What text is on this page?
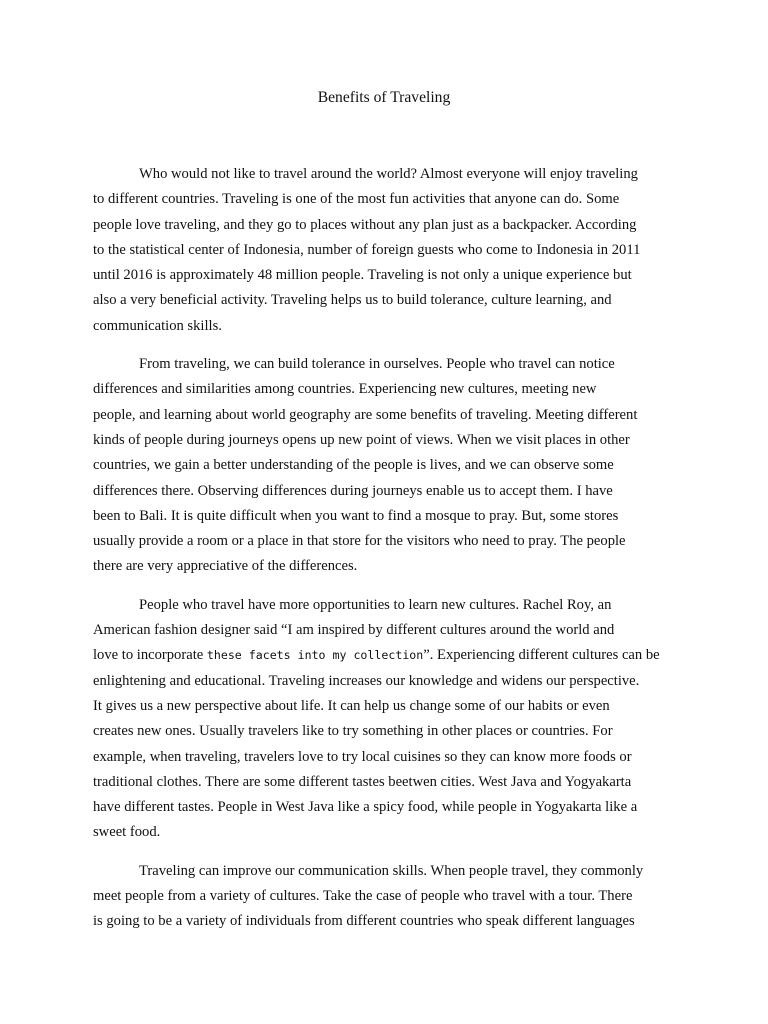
Benefits of Traveling

Who would not like to travel around the world? Almost everyone will enjoy traveling
to different countries. Traveling is one of the most fun activities that anyone can do. Some
people love traveling, and they go to places without any plan just as a backpacker. According
to the statistical center of Indonesia, number of foreign guests who come to Indonesia in 2011
until 2016 is approximately 48 million people. Traveling is not only a unique experience but
also a very beneficial activity. Traveling helps us to build tolerance, culture learning, and
communication skills.

From traveling, we can build tolerance in ourselves. People who travel can notice
differences and similarities among countries. Experiencing new cultures, meeting new
people, and learning about world geography are some benefits of traveling. Meeting different
kinds of people during journeys opens up new point of views. When we visit places in other
countries, we gain a better understanding of the people is lives, and we can observe some
differences there. Observing differences during journeys enable us to accept them. I have
been to Bali. It is quite difficult when you want to find a mosque to pray. But, some stores
usually provide a room or a place in that store for the visitors who need to pray. The people
there are very appreciative of the differences.

People who travel have more opportunities to learn new cultures. Rachel Roy, an
American fashion designer said “I am inspired by different cultures around the world and
love to incorporate these facets into my collection”. Experiencing different cultures can be
enlightening and educational. Traveling increases our knowledge and widens our perspective.
It gives us a new perspective about life. It can help us change some of our habits or even
creates new ones. Usually travelers like to try something in other places or countries. For
example, when traveling, travelers love to try local cuisines so they can know more foods or
traditional clothes. There are some different tastes beetwen cities. West Java and Yogyakarta
have different tastes. People in West Java like a spicy food, while people in Yogyakarta like a
sweet food.

Traveling can improve our communication skills. When people travel, they commonly
meet people from a variety of cultures. Take the case of people who travel with a tour. There
is going to be a variety of individuals from different countries who speak different languages
